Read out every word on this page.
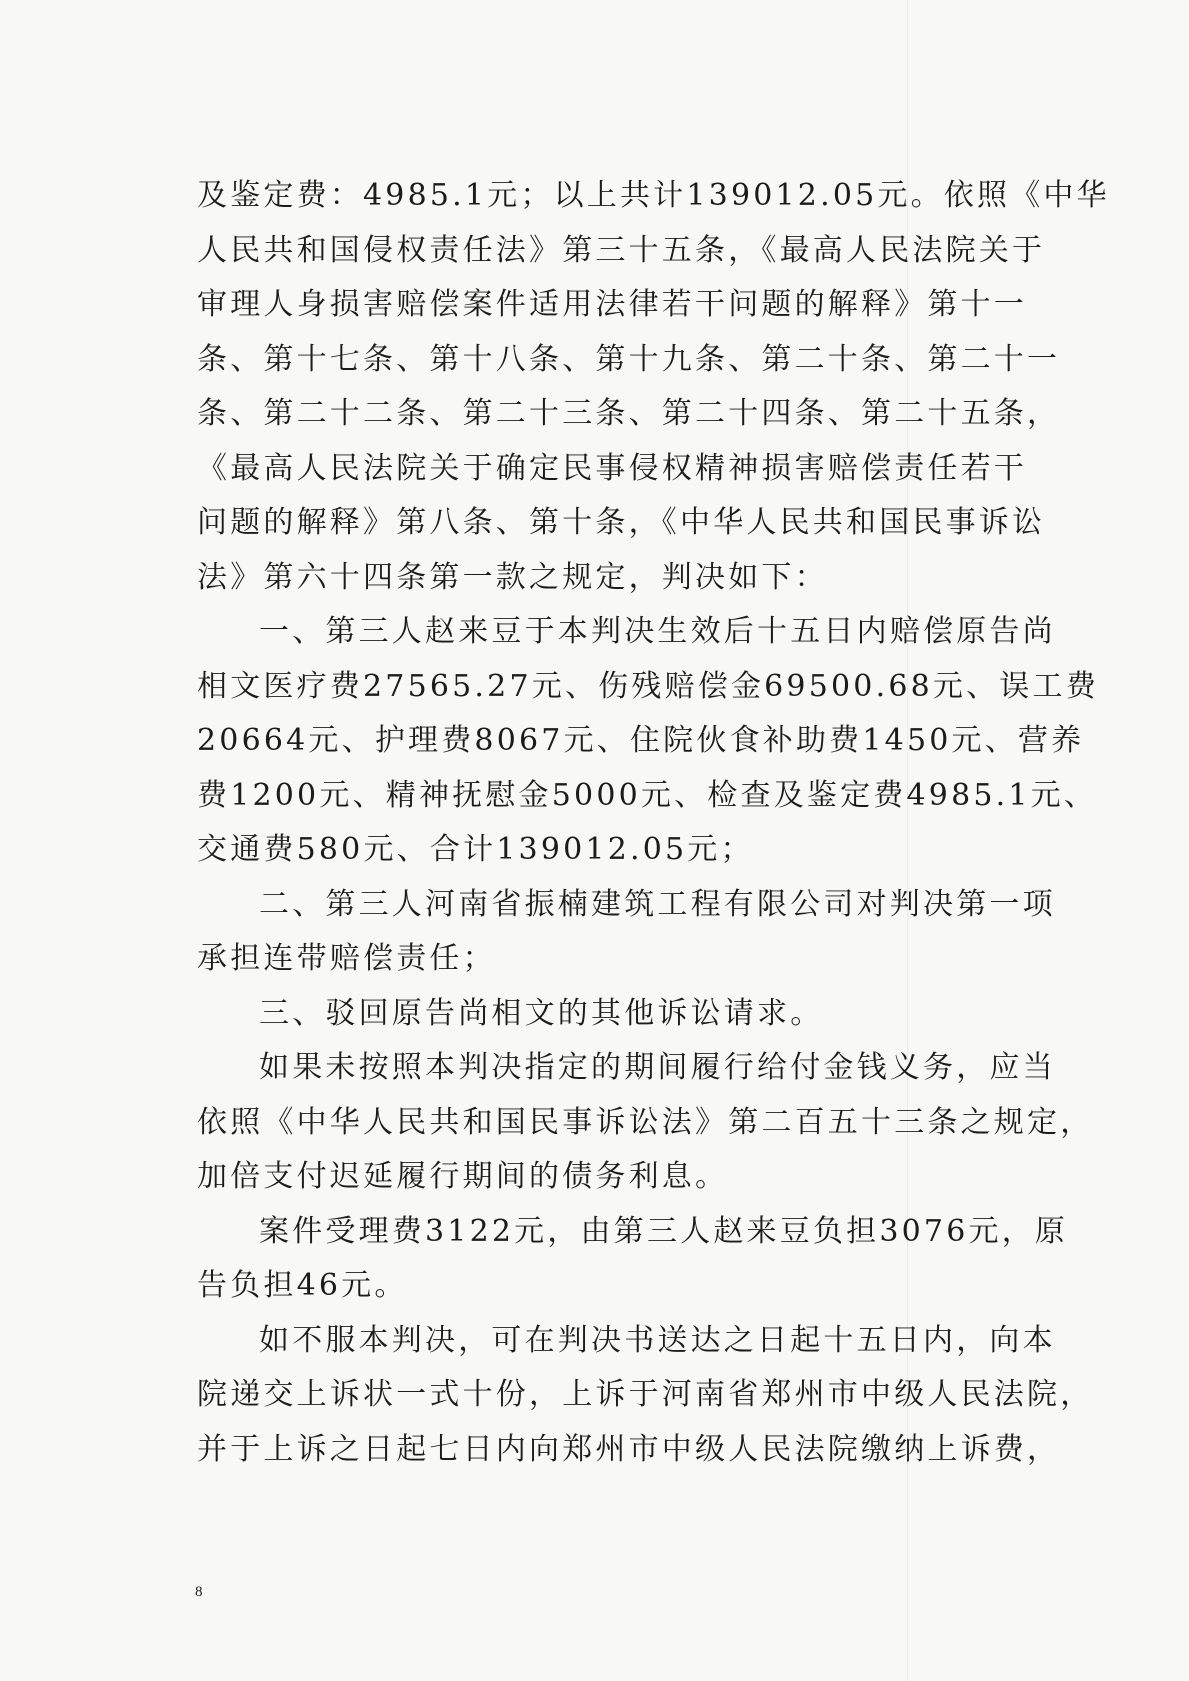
及鉴定费：4985.1元；以上共计139012.05元。依照《中华
人民共和国侵权责任法》第三十五条，《最高人民法院关于
审理人身损害赔偿案件适用法律若干问题的解释》第十一
条、第十七条、第十八条、第十九条、第二十条、第二十一
条、第二十二条、第二十三条、第二十四条、第二十五条，
《最高人民法院关于确定民事侵权精神损害赔偿责任若干
问题的解释》第八条、第十条，《中华人民共和国民事诉讼
法》第六十四条第一款之规定，判决如下：
一、第三人赵来豆于本判决生效后十五日内赔偿原告尚
相文医疗费27565.27元、伤残赔偿金69500.68元、误工费
20664元、护理费8067元、住院伙食补助费1450元、营养
费1200元、精神抚慰金5000元、检查及鉴定费4985.1元、
交通费580元、合计139012.05元；
二、第三人河南省振楠建筑工程有限公司对判决第一项
承担连带赔偿责任；
三、驳回原告尚相文的其他诉讼请求。
如果未按照本判决指定的期间履行给付金钱义务，应当
依照《中华人民共和国民事诉讼法》第二百五十三条之规定，
加倍支付迟延履行期间的债务利息。
案件受理费3122元，由第三人赵来豆负担3076元，原
告负担46元。
如不服本判决，可在判决书送达之日起十五日内，向本
院递交上诉状一式十份，上诉于河南省郑州市中级人民法院，
并于上诉之日起七日内向郑州市中级人民法院缴纳上诉费，
8
